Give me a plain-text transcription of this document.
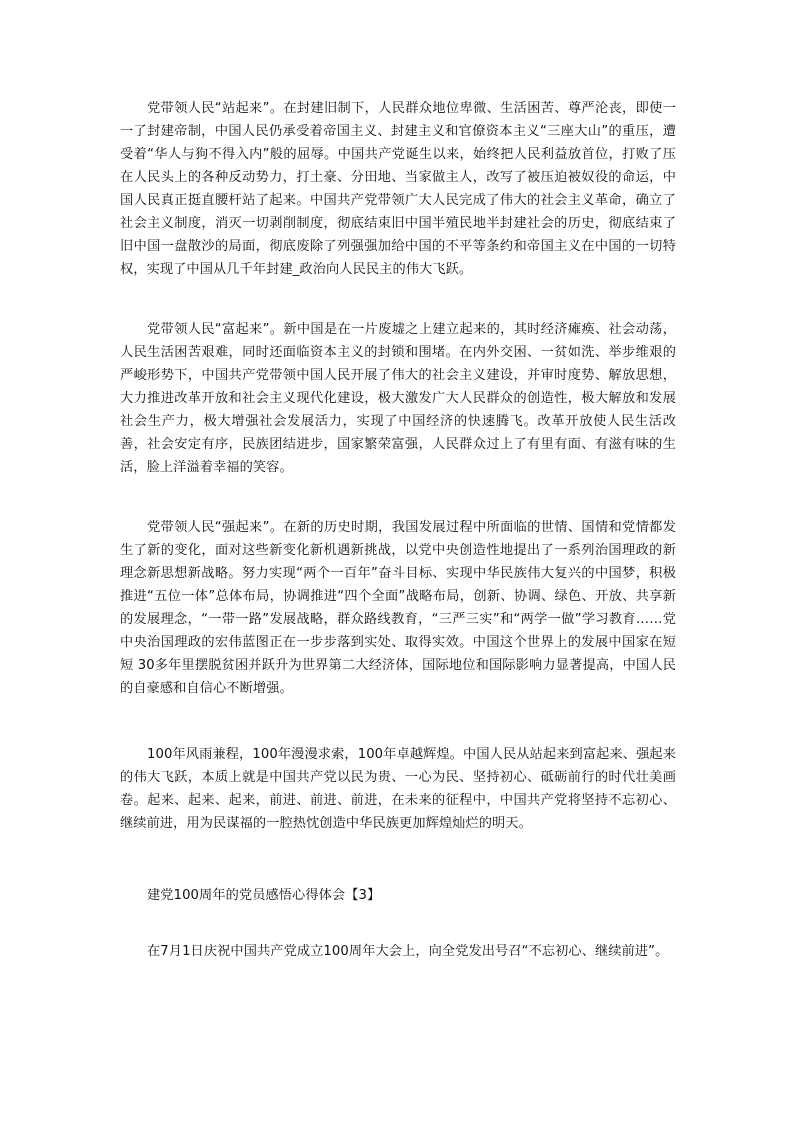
党带领人民“站起来”。在封建旧制下，人民群众地位卑微、生活困苦、尊严沦丧，即使一一了封建帝制，中国人民仍承受着帝国主义、封建主义和官僚资本主义“三座大山”的重压，遭受着“华人与狗不得入内”般的屈辱。中国共产党诞生以来，始终把人民利益放首位，打败了压在人民头上的各种反动势力，打土豪、分田地、当家做主人，改写了被压迫被奴役的命运，中国人民真正挺直腰杆站了起来。中国共产党带领广大人民完成了伟大的社会主义革命，确立了社会主义制度，消灭一切剥削制度，彻底结束旧中国半殖民地半封建社会的历史，彻底结束了旧中国一盘散沙的局面，彻底废除了列强强加给中国的不平等条约和帝国主义在中国的一切特权，实现了中国从几千年封建_政治向人民民主的伟大飞跃。

党带领人民“富起来”。新中国是在一片废墟之上建立起来的，其时经济瘫痪、社会动荡，人民生活困苦艰难，同时还面临资本主义的封锁和围堵。在内外交困、一贫如洗、举步维艰的严峻形势下，中国共产党带领中国人民开展了伟大的社会主义建设，并审时度势、解放思想，大力推进改革开放和社会主义现代化建设，极大激发广大人民群众的创造性，极大解放和发展社会生产力，极大增强社会发展活力，实现了中国经济的快速腾飞。改革开放使人民生活改善，社会安定有序，民族团结进步，国家繁荣富强，人民群众过上了有里有面、有滋有味的生活，脸上洋溢着幸福的笑容。

党带领人民“强起来”。在新的历史时期，我国发展过程中所面临的世情、国情和党情都发生了新的变化，面对这些新变化新机遇新挑战，以党中央创造性地提出了一系列治国理政的新理念新思想新战略。努力实现“两个一百年”奋斗目标、实现中华民族伟大复兴的中国梦，积极推进“五位一体”总体布局，协调推进“四个全面”战略布局，创新、协调、绿色、开放、共享新的发展理念，“一带一路”发展战略，群众路线教育，“三严三实”和“两学一做”学习教育……党中央治国理政的宏伟蓝图正在一步步落到实处、取得实效。中国这个世界上的发展中国家在短短 30多年里摆脱贫困并跃升为世界第二大经济体，国际地位和国际影响力显著提高，中国人民的自豪感和自信心不断增强。

100年风雨兼程，100年漫漫求索，100年卓越辉煌。中国人民从站起来到富起来、强起来的伟大飞跃，本质上就是中国共产党以民为贵、一心为民、坚持初心、砥砺前行的时代壮美画卷。起来、起来、起来，前进、前进、前进，在未来的征程中，中国共产党将坚持不忘初心、继续前进，用为民谋福的一腔热忱创造中华民族更加辉煌灿烂的明天。

建党100周年的党员感悟心得体会【3】

在7月1日庆祝中国共产党成立100周年大会上，向全党发出号召“不忘初心、继续前进”。
